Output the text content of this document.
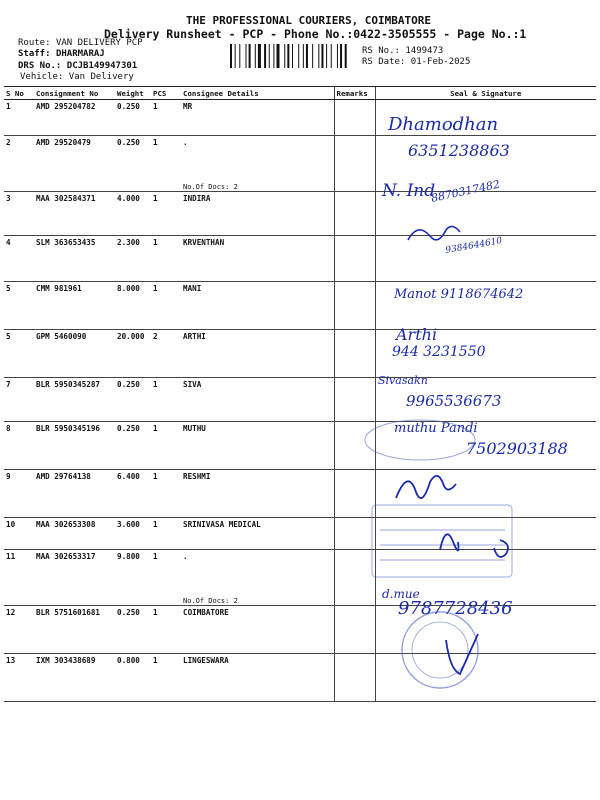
THE PROFESSIONAL COURIERS, COIMBATORE
Delivery Runsheet - PCP - Phone No.:0422-3505555 - Page No.:1
Route: VAN DELIVERY PCP
Staff: DHARMARAJ
DRS No.: DCJB149947301
Vehicle: Van Delivery
RS No.: 1499473
RS Date: 01-Feb-2025
S No	Consignment No	Weight	PCS	Consignee Details	Remarks	Seal & Signature
1	AMD 295204782	0.250	1	MR		
2	AMD 29520479	0.250	1	.
No.Of Docs: 2		

3	MAA 302584371	4.000	1	INDIRA		
4	SLM 363653435	2.300	1	KRVENTHAN		
5	CMM 981961	8.000	1	MANI		
5	GPM 5460090	20.000	2	ARTHI		
7	BLR 5950345287	0.250	1	SIVA		
8	BLR 5950345196	0.250	1	MUTHU		
9	AMD 29764138	6.400	1	RESHMI		
10	MAA 302653308	3.600	1	SRINIVASA MEDICAL		
11	MAA 302653317	9.800	1	.
No.Of Docs: 2		

12	BLR 5751601681	0.250	1	COIMBATORE		
13	IXM 303438689	0.800	1	LINGESWARA		
Dhamodhan
6351238863
N. Ind
8870317482
9384644610
Manot 9118674642
Arthi
944 3231550
Sivasakn
9965536673
muthu Pandi
7502903188
d.mue
9787728436
